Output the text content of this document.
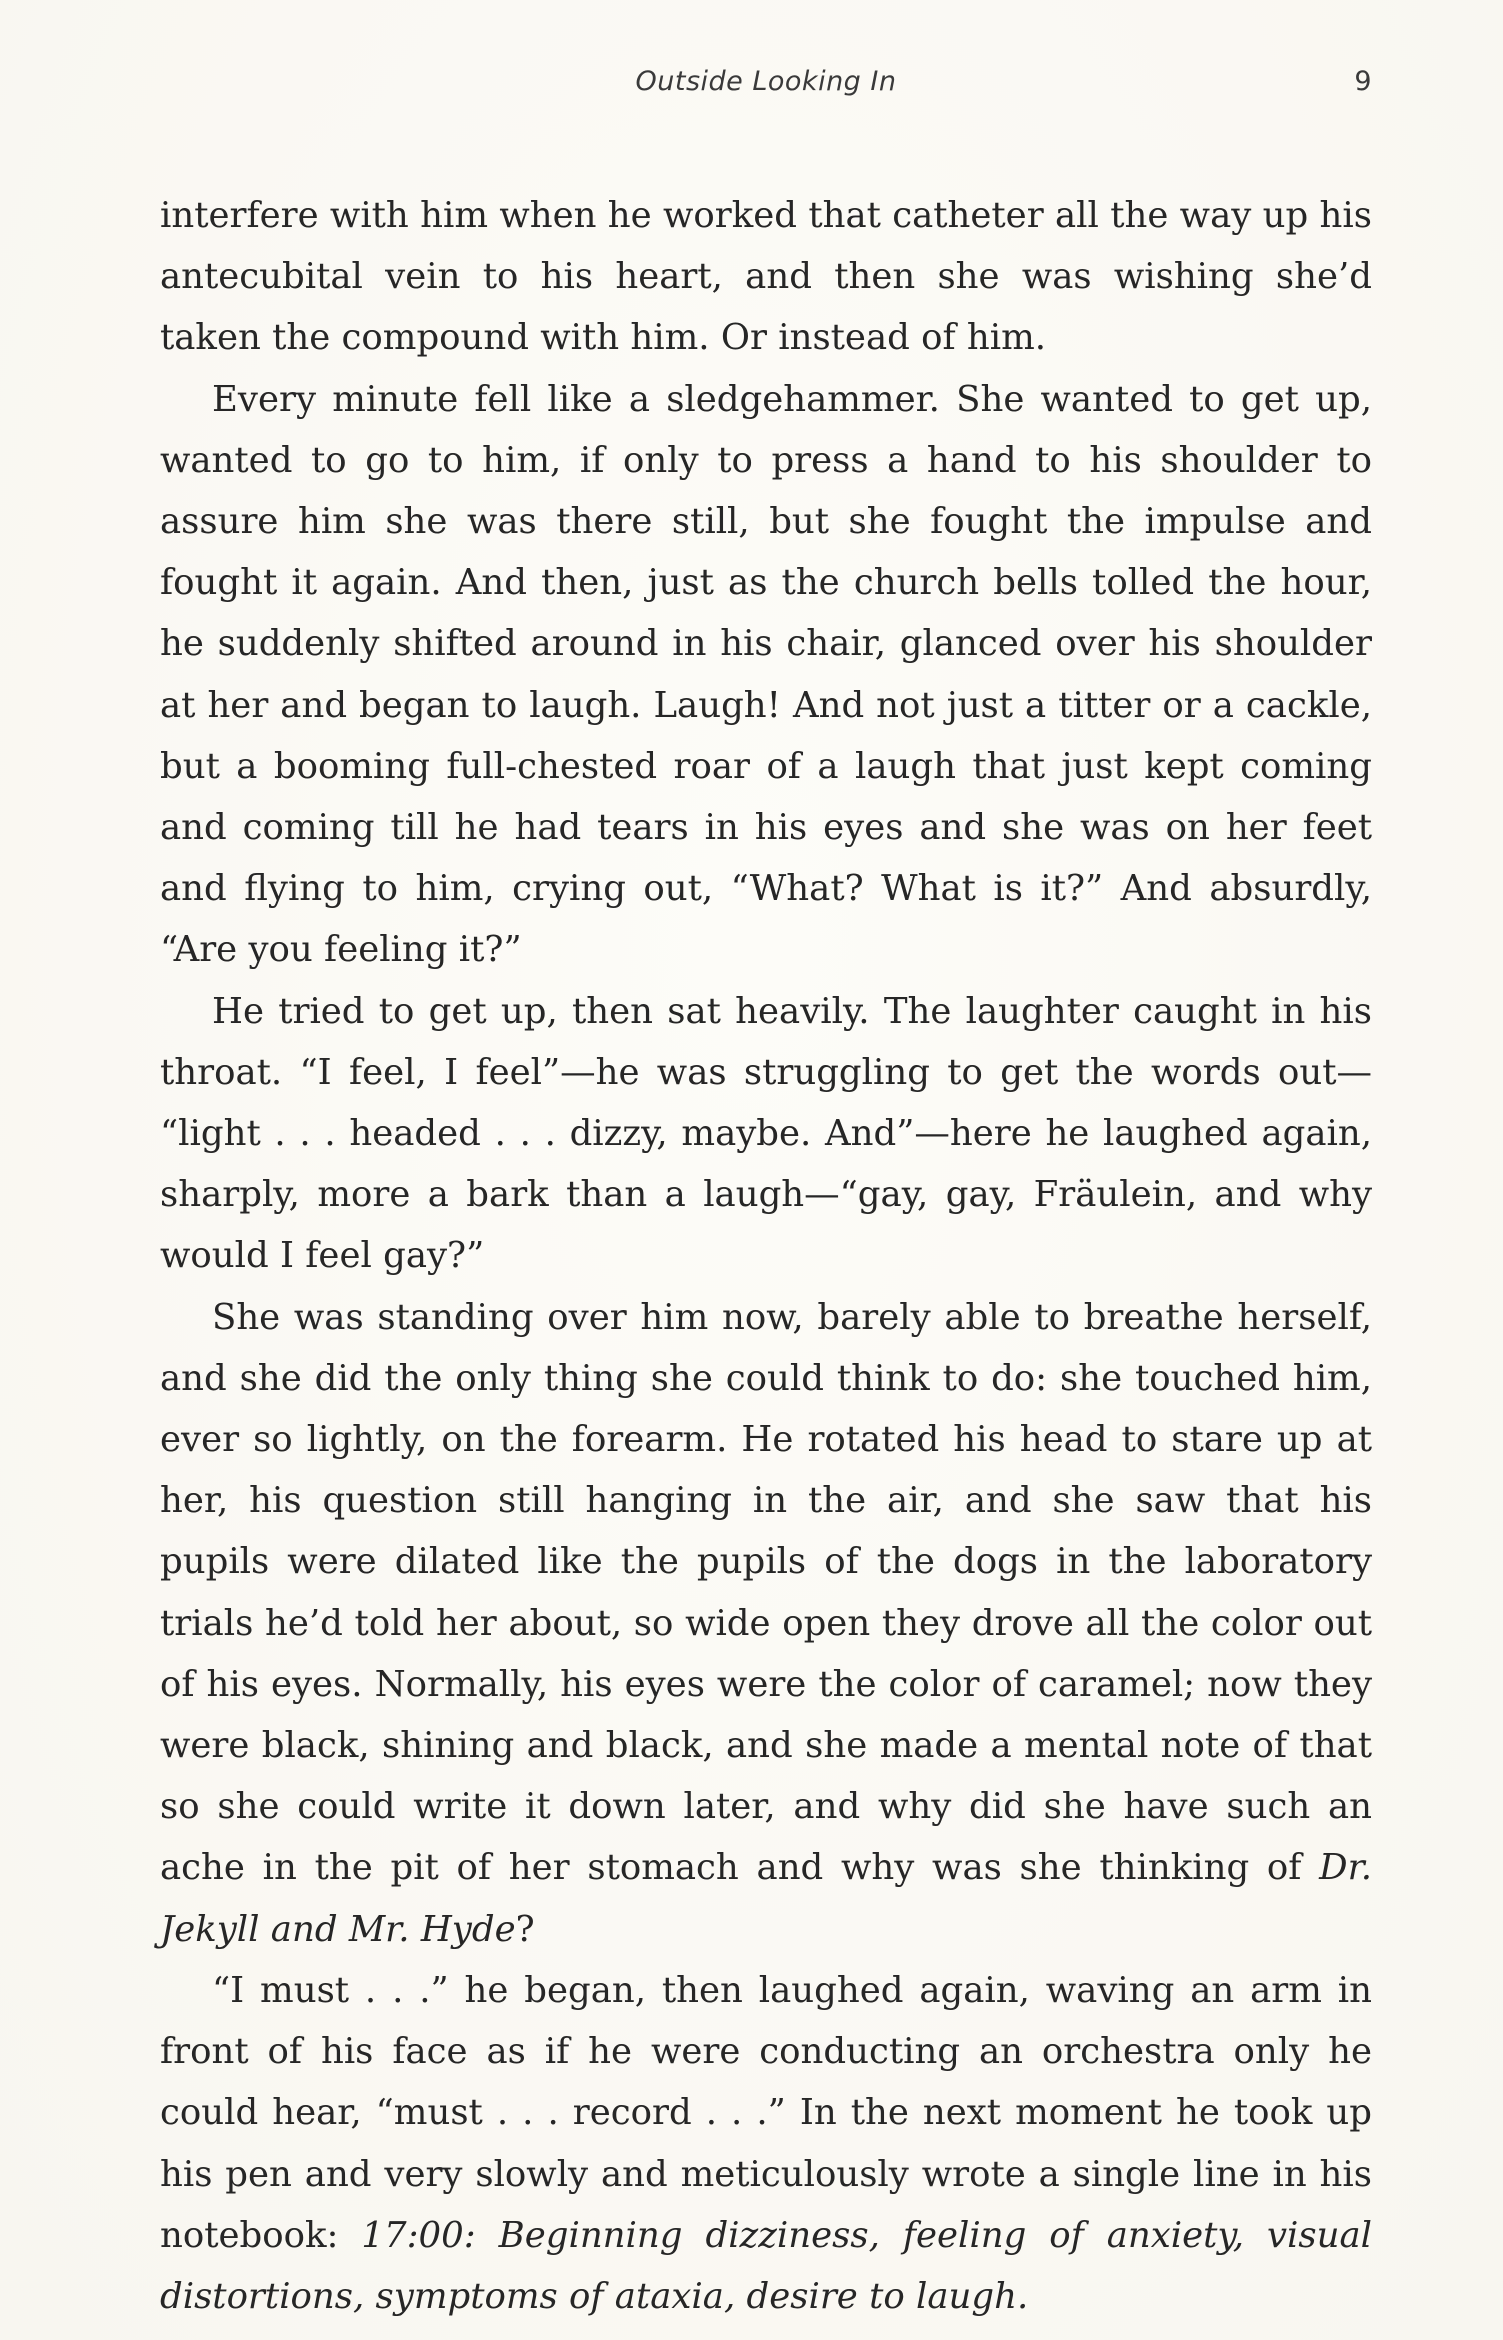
Outside Looking In	9

interfere with him when he worked that catheter all the way up his antecubital vein to his heart, and then she was wishing she’d taken the compound with him. Or instead of him.

Every minute fell like a sledgehammer. She wanted to get up, wanted to go to him, if only to press a hand to his shoulder to assure him she was there still, but she fought the impulse and fought it again. And then, just as the church bells tolled the hour, he suddenly shifted around in his chair, glanced over his shoulder at her and began to laugh. Laugh! And not just a titter or a cackle, but a booming full-chested roar of a laugh that just kept coming and coming till he had tears in his eyes and she was on her feet and flying to him, crying out, “What? What is it?” And absurdly, “Are you feeling it?”

He tried to get up, then sat heavily. The laughter caught in his throat. “I feel, I feel”—he was struggling to get the words out— “light . . . headed . . . dizzy, maybe. And”—here he laughed again, sharply, more a bark than a laugh—“gay, gay, Fräulein, and why would I feel gay?”

She was standing over him now, barely able to breathe herself, and she did the only thing she could think to do: she touched him, ever so lightly, on the forearm. He rotated his head to stare up at her, his question still hanging in the air, and she saw that his pupils were dilated like the pupils of the dogs in the laboratory trials he’d told her about, so wide open they drove all the color out of his eyes. Normally, his eyes were the color of caramel; now they were black, shining and black, and she made a mental note of that so she could write it down later, and why did she have such an ache in the pit of her stomach and why was she thinking of Dr. Jekyll and Mr. Hyde?

“I must . . .” he began, then laughed again, waving an arm in front of his face as if he were conducting an orchestra only he could hear, “must . . . record . . .” In the next moment he took up his pen and very slowly and meticulously wrote a single line in his notebook: 17:00: Beginning dizziness, feeling of anxiety, visual distortions, symptoms of ataxia, desire to laugh.
